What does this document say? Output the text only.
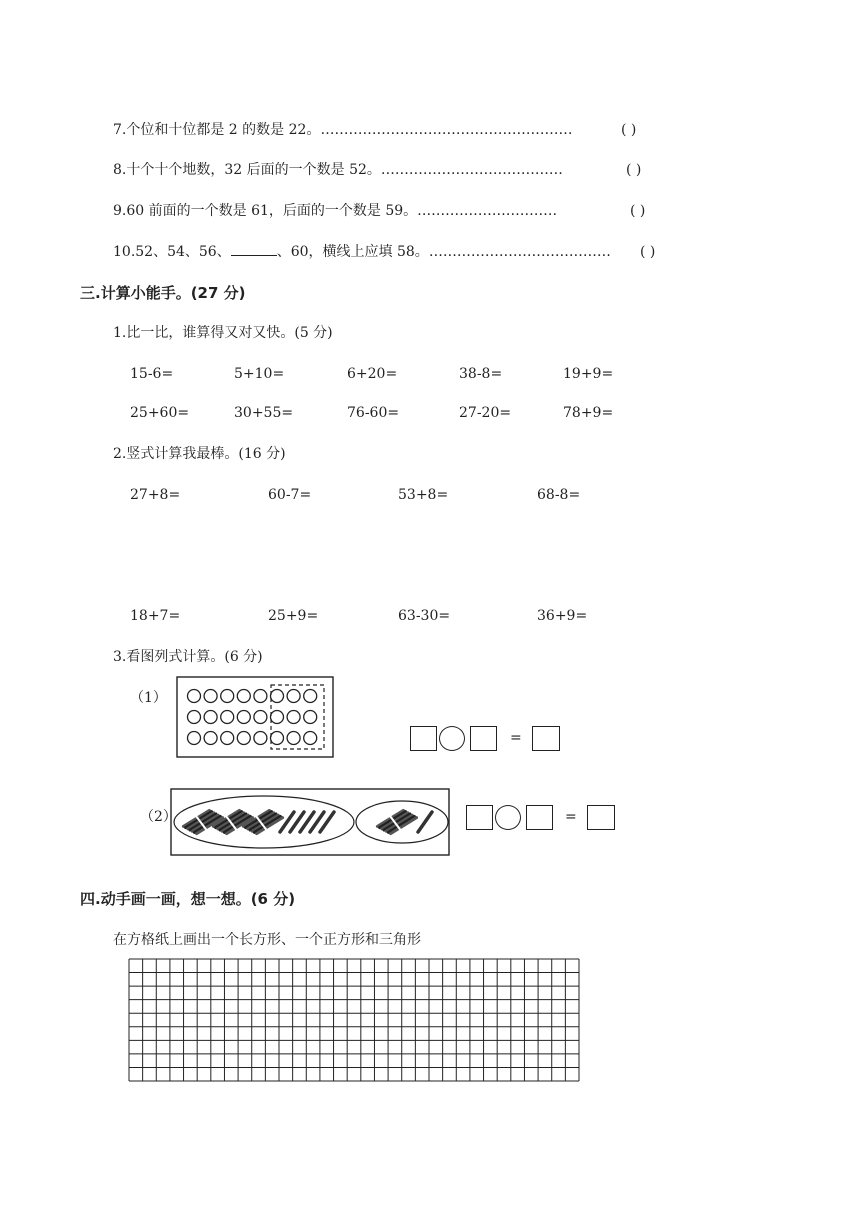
7.个位和十位都是 2 的数是 22。………………………………………………	( )
8.十个十个地数，32 后面的一个数是 52。…………………………………	( )
9.60 前面的一个数是 61，后面的一个数是 59。…………………………	( )
10.52、54、56、	、60，横线上应填 58。………………………………… ( )
三.计算小能手。(27 分)
1.比一比，谁算得又对又快。(5 分)
15-6=	5+10=	6+20=	38-8=	19+9=
25+60=	30+55=	76-60=	27-20=	78+9=
2.竖式计算我最棒。(16 分)
27+8=	60-7=	53+8=	68-8=
18+7=	25+9=	63-30=	36+9=
3.看图列式计算。(6 分)
（1）
=
（2）	=
四.动手画一画，想一想。(6 分)
在方格纸上画出一个长方形、一个正方形和三角形
